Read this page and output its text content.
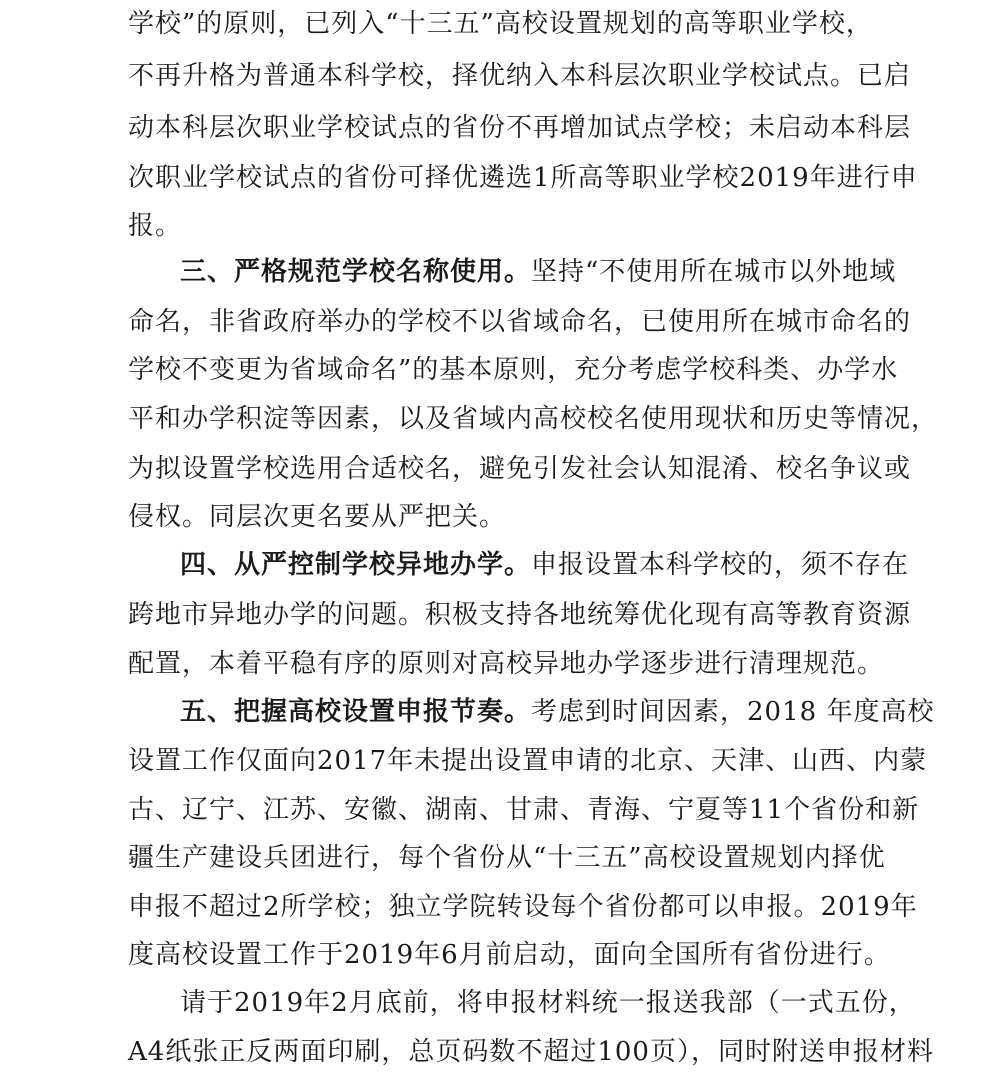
学校”的原则，已列入“十三五”高校设置规划的高等职业学校，
不再升格为普通本科学校，择优纳入本科层次职业学校试点。已启
动本科层次职业学校试点的省份不再增加试点学校；未启动本科层
次职业学校试点的省份可择优遴选1所高等职业学校2019年进行申
报。
三、严格规范学校名称使用。坚持“不使用所在城市以外地域
命名，非省政府举办的学校不以省域命名，已使用所在城市命名的
学校不变更为省域命名”的基本原则，充分考虑学校科类、办学水
平和办学积淀等因素，以及省域内高校校名使用现状和历史等情况，
为拟设置学校选用合适校名，避免引发社会认知混淆、校名争议或
侵权。同层次更名要从严把关。
四、从严控制学校异地办学。申报设置本科学校的，须不存在
跨地市异地办学的问题。积极支持各地统筹优化现有高等教育资源
配置，本着平稳有序的原则对高校异地办学逐步进行清理规范。
五、把握高校设置申报节奏。考虑到时间因素，2018 年度高校
设置工作仅面向2017年未提出设置申请的北京、天津、山西、内蒙
古、辽宁、江苏、安徽、湖南、甘肃、青海、宁夏等11个省份和新
疆生产建设兵团进行，每个省份从“十三五”高校设置规划内择优
申报不超过2所学校；独立学院转设每个省份都可以申报。2019年
度高校设置工作于2019年6月前启动，面向全国所有省份进行。
请于2019年2月底前，将申报材料统一报送我部（一式五份，
A4纸张正反两面印刷，总页码数不超过100页），同时附送申报材料
